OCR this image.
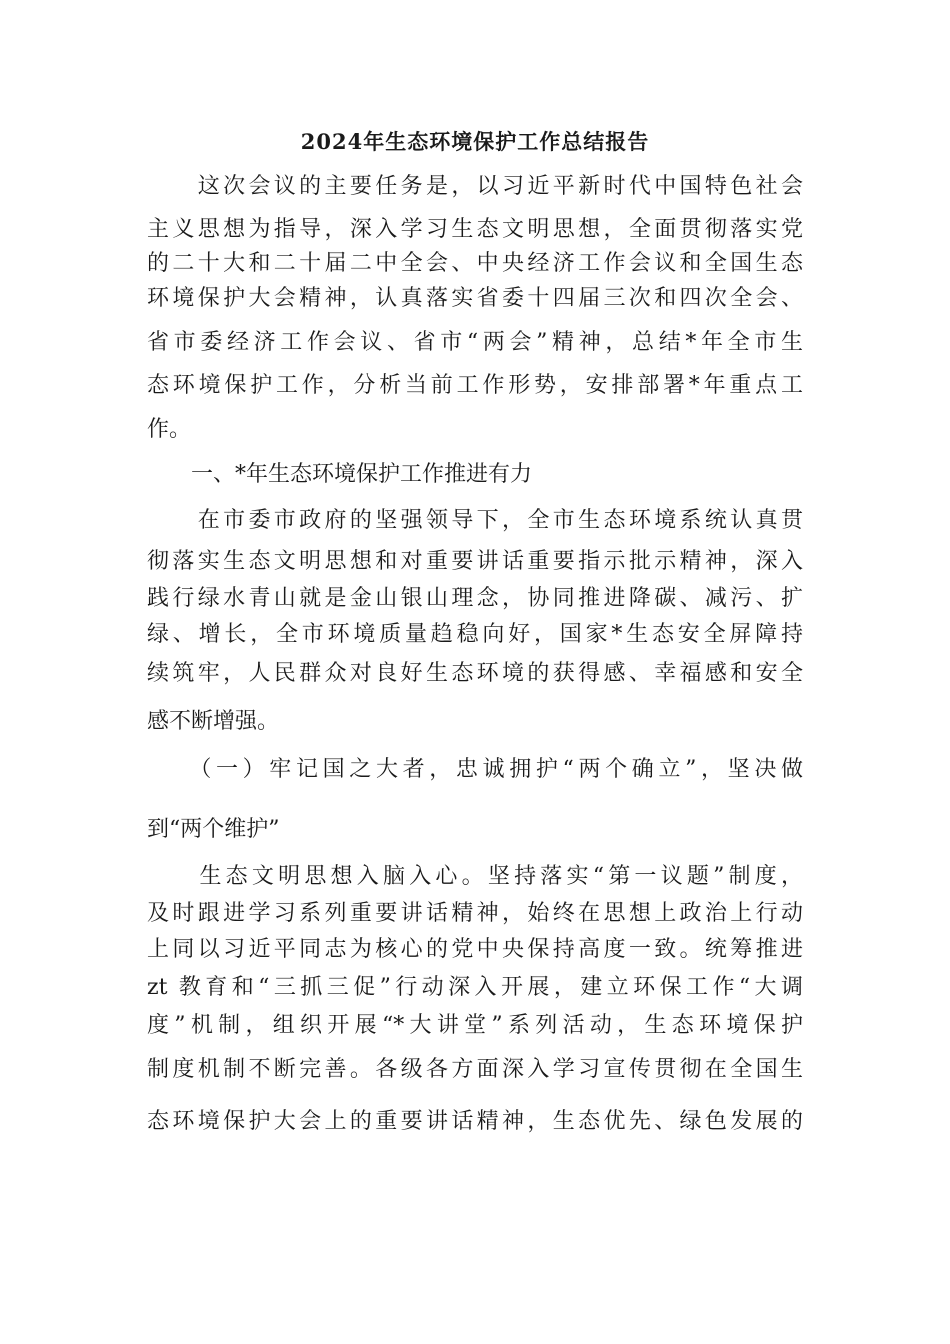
2024年生态环境保护工作总结报告

　　这次会议的主要任务是，以习近平新时代中国特色社会

主义思想为指导，深入学习生态文明思想，全面贯彻落实党

的二十大和二十届二中全会、中央经济工作会议和全国生态

环境保护大会精神，认真落实省委十四届三次和四次全会、

省市委经济工作会议、省市“两会”精神，总结*年全市生

态环境保护工作，分析当前工作形势，安排部署*年重点工

作。

　　一、*年生态环境保护工作推进有力

　　在市委市政府的坚强领导下，全市生态环境系统认真贯

彻落实生态文明思想和对重要讲话重要指示批示精神，深入

践行绿水青山就是金山银山理念，协同推进降碳、减污、扩

绿、增长，全市环境质量趋稳向好，国家*生态安全屏障持

续筑牢，人民群众对良好生态环境的获得感、幸福感和安全

感不断增强。

　　（一）牢记国之大者，忠诚拥护“两个确立”，坚决做

到“两个维护”

　　生态文明思想入脑入心。坚持落实“第一议题”制度，

及时跟进学习系列重要讲话精神，始终在思想上政治上行动

上同以习近平同志为核心的党中央保持高度一致。统筹推进

zt 教育和“三抓三促”行动深入开展，建立环保工作“大调

度”机制，组织开展“*大讲堂”系列活动，生态环境保护

制度机制不断完善。各级各方面深入学习宣传贯彻在全国生

态环境保护大会上的重要讲话精神，生态优先、绿色发展的
